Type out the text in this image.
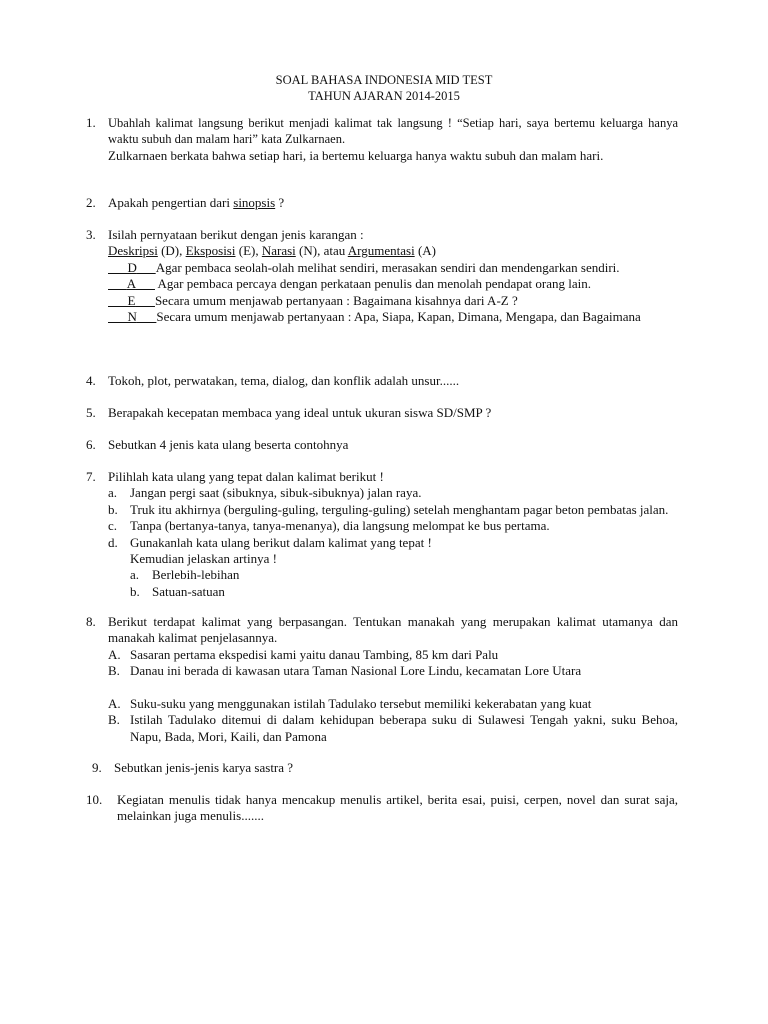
SOAL BAHASA INDONESIA MID TEST
TAHUN AJARAN 2014-2015
1. Ubahlah kalimat langsung berikut menjadi kalimat tak langsung ! “Setiap hari, saya bertemu keluarga hanya waktu subuh dan malam hari” kata Zulkarnaen.
Zulkarnaen berkata bahwa setiap hari, ia bertemu keluarga hanya waktu subuh dan malam hari.
2. Apakah pengertian dari sinopsis ?
3. Isilah pernyataan berikut dengan jenis karangan :
Deskripsi (D), Eksposisi (E), Narasi (N), atau Argumentasi (A)
D Agar pembaca seolah-olah melihat sendiri, merasakan sendiri dan mendengarkan sendiri.
A Agar pembaca percaya dengan perkataan penulis dan menolah pendapat orang lain.
E Secara umum menjawab pertanyaan : Bagaimana kisahnya dari A-Z ?
N Secara umum menjawab pertanyaan : Apa, Siapa, Kapan, Dimana, Mengapa, dan Bagaimana
4. Tokoh, plot, perwatakan, tema, dialog, dan konflik adalah unsur......
5. Berapakah kecepatan membaca yang ideal untuk ukuran siswa SD/SMP ?
6. Sebutkan 4 jenis kata ulang beserta contohnya
7. Pilihlah kata ulang yang tepat dalan kalimat berikut !
a. Jangan pergi saat (sibuknya, sibuk-sibuknya) jalan raya.
b. Truk itu akhirnya (berguling-guling, terguling-guling) setelah menghantam pagar beton pembatas jalan.
c. Tanpa (bertanya-tanya, tanya-menanya), dia langsung melompat ke bus pertama.
d. Gunakanlah kata ulang berikut dalam kalimat yang tepat !
Kemudian jelaskan artinya !
a. Berlebih-lebihan
b. Satuan-satuan
8. Berikut terdapat kalimat yang berpasangan. Tentukan manakah yang merupakan kalimat utamanya dan manakah kalimat penjelasannya.
A. Sasaran pertama ekspedisi kami yaitu danau Tambing, 85 km dari Palu
B. Danau ini berada di kawasan utara Taman Nasional Lore Lindu, kecamatan Lore Utara
A. Suku-suku yang menggunakan istilah Tadulako tersebut memiliki kekerabatan yang kuat
B. Istilah Tadulako ditemui di dalam kehidupan beberapa suku di Sulawesi Tengah yakni, suku Behoa, Napu, Bada, Mori, Kaili, dan Pamona
9. Sebutkan jenis-jenis karya sastra ?
10. Kegiatan menulis tidak hanya mencakup menulis artikel, berita esai, puisi, cerpen, novel dan surat saja, melainkan juga menulis.......
